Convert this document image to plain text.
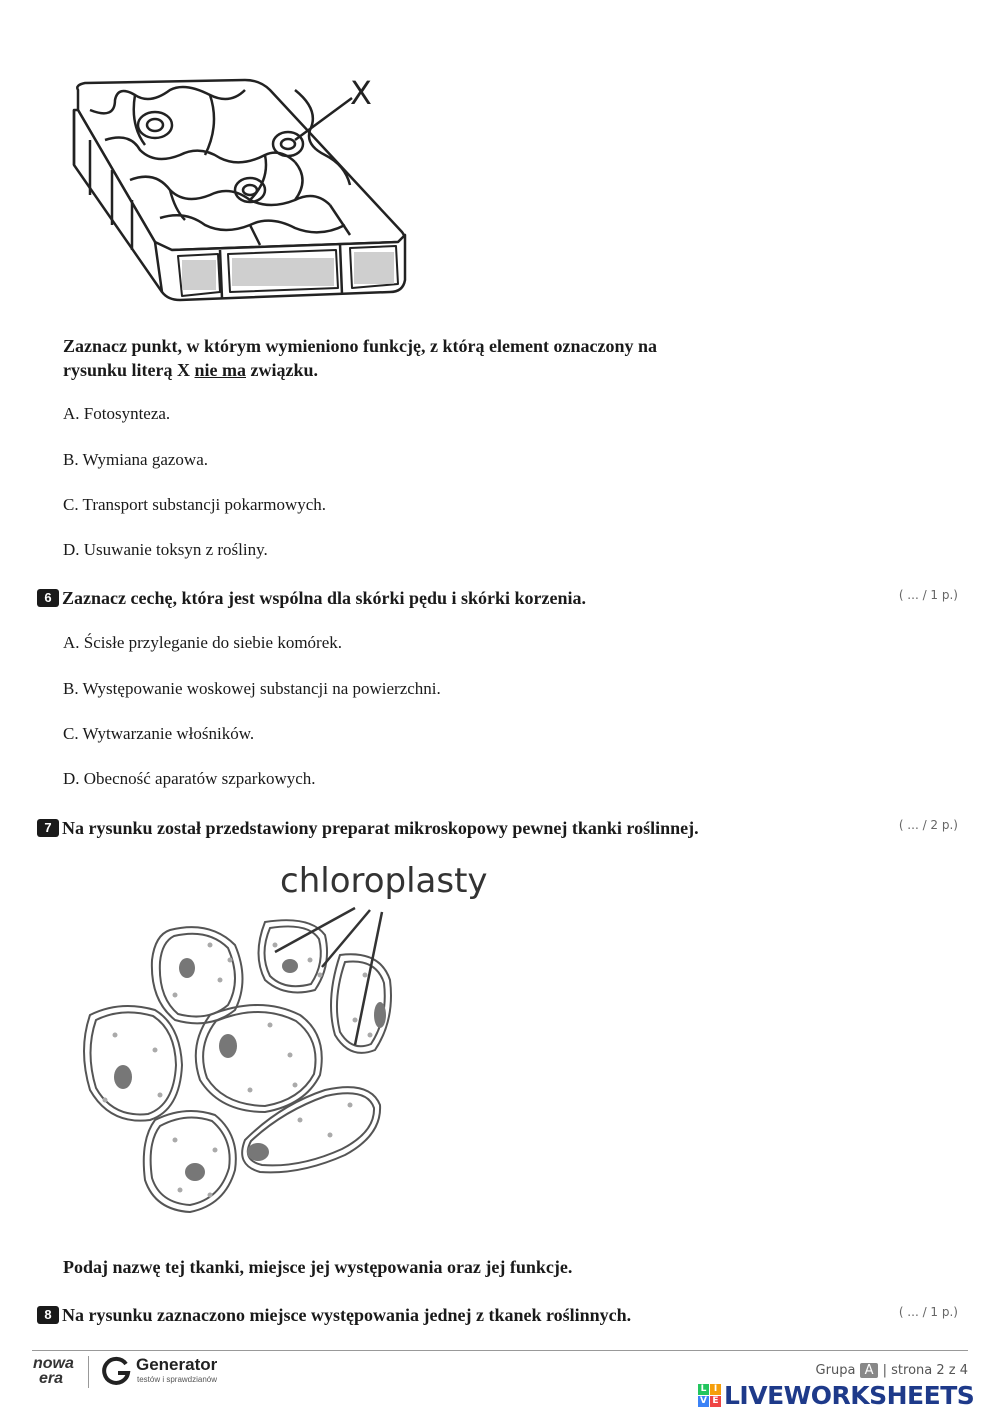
X
Zaznacz punkt, w którym wymieniono funkcję, z którą element oznaczony na
rysunku literą X nie ma związku.
A. Fotosynteza.
B. Wymiana gazowa.
C. Transport substancji pokarmowych.
D. Usuwanie toksyn z rośliny.
6 Zaznacz cechę, która jest wspólna dla skórki pędu i skórki korzenia.	( ... / 1 p.)
A. Ścisłe przyleganie do siebie komórek.
B. Występowanie woskowej substancji na powierzchni.
C. Wytwarzanie włośników.
D. Obecność aparatów szparkowych.
7 Na rysunku został przedstawiony preparat mikroskopowy pewnej tkanki roślinnej.	( ... / 2 p.)
chloroplasty
Podaj nazwę tej tkanki, miejsce jej występowania oraz jej funkcje.
8 Na rysunku zaznaczono miejsce występowania jednej z tkanek roślinnych.	( ... / 1 p.)
nowa
era
Generator
testów i sprawdzianów
Grupa A | strona 2 z 4
L I
V E LIVEWORKSHEETS
